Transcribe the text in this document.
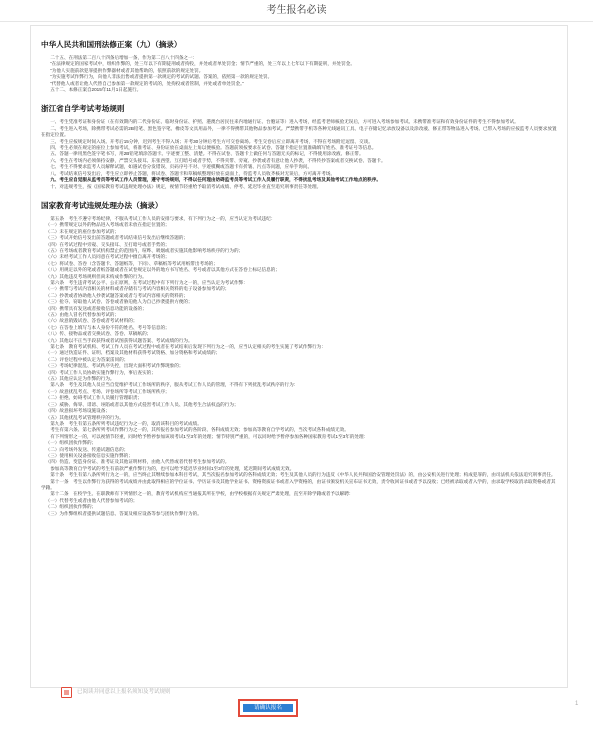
考生报名必读
中华人民共和国刑法修正案（九）（摘录）

二十五、在刑法第二百八十四条后增加一条，作为第二百八十四条之一：

“在法律规定的国家考试中，组织作弊的，处三年以下有期徒刑或者拘役，并处或者单处罚金；情节严重的，处三年以上七年以下有期徒刑，并处罚金。

“为他人实施前款犯罪提供作弊器材或者其他帮助的，依照前款的规定处罚。

“为实施考试作弊行为，向他人非法出售或者提供第一款规定的考试的试题、答案的，依照第一款的规定处罚。

“代替他人或者让他人代替自己参加第一款规定的考试的，处拘役或者管制，并处或者单处罚金。”

五十二、本修正案自2015年11月1日起施行。

浙江省自学考试考场规则

一、考生凭准考证和身份证（在有效期内的二代身份证、临时身份证、护照、港澳台居民往来内地通行证、台胞证等）进入考场，经监考老师核验无误后，方可进入考场参加考试。未携带准考证和有效身份证件的考生不得参加考试。

二、考生进入考场，除携带考试必需的2B铅笔、黑色签字笔、橡皮等文具用品外，一律不得携带其他物品参加考试。严禁携带手机等各种无线通讯工具、电子存储记忆录放设备以及涂改液、修正带等物品进入考场。已带入考场的应按监考人员要求放置在指定位置。

三、考生应按规定时间入场。开考后15分钟，迟到考生不得入场；开考30分钟后考生方可交卷离场。考生交卷后应立即离开考场，不得在考场附近逗留、交谈。

四、考生必须在规定的座位上参加考试，将准考证、身份证放在桌面左上角以便核验。答题前须按要求在试卷、答题卡指定位置准确填写姓名、准考证号等信息。

五、答题一律用黑色签字笔书写，用2B铅笔填涂答题卡。字迹要工整、清楚。不得在试卷、答题卡上做任何与答题无关的标记，不得使用涂改液、修正带。

六、考生在考场内必须保持安静，严禁交头接耳、东张西望、互打暗号或者手势，不得夹带、旁窥、抄袭或者有意让他人抄袭，不得传抄答案或者交换试卷、答题卡。

七、考生不得要求监考人员解释试题，如遇试卷分发错误、页码序号不对、字迹模糊或答题卡有折皱、污点等问题，应举手询问。

八、考试结束信号发出后，考生应立即停止答题，将试卷、答题卡和草稿纸整理好放在桌面上，待监考人员收齐核对无误后，方可离开考场。

九、考生应自觉服从监考员等考试工作人员管理，遵守考场规则，不得以任何理由妨碍监考员等考试工作人员履行职责，不得扰乱考场及其他考试工作地点的秩序。

十、对违规考生，按《国家教育考试违规处理办法》规定，视情节轻重给予取消考试成绩、停考、延迟毕业直至追究刑事责任等处理。

国家教育考试违规处理办法（摘录）

第五条　考生不遵守考场纪律，不服从考试工作人员的安排与要求，有下列行为之一的，应当认定为考试违纪：

（一）携带规定以外的物品进入考场或者未放在指定位置的；

（二）未在规定的座位参加考试的；

（三）考试开始信号发出前答题或者考试结束信号发出后继续答题的；

（四）在考试过程中旁窥、交头接耳、互打暗号或者手势的；

（五）在考场或者教育考试机构禁止的范围内，喧哗、吸烟或者实施其他影响考场秩序的行为的；

（六）未经考试工作人员同意在考试过程中擅自离开考场的；

（七）将试卷、答卷（含答题卡、答题纸等，下同）、草稿纸等考试用纸带出考场的；

（八）用规定以外的笔或者纸答题或者在试卷规定以外的地方书写姓名、考号或者以其他方式在答卷上标记信息的；

（九）其他违反考场规则但尚未构成作弊的行为。

第六条　考生违背考试公平、公正原则，在考试过程中有下列行为之一的，应当认定为考试作弊：

（一）携带与考试内容相关的材料或者存储有与考试内容相关资料的电子设备参加考试的；

（二）抄袭或者协助他人抄袭试题答案或者与考试内容相关的资料的；

（三）抢夺、窃取他人试卷、答卷或者胁迫他人为自己抄袭提供方便的；

（四）携带具有发送或者接收信息功能的设备的；

（五）由他人冒名代替参加考试的；

（六）故意销毁试卷、答卷或者考试材料的；

（七）在答卷上填写与本人身份不符的姓名、考号等信息的；

（八）传、接物品或者交换试卷、答卷、草稿纸的；

（九）其他以不正当手段获得或者试图获得试题答案、考试成绩的行为。

第七条　教育考试机构、考试工作人员在考试过程中或者在考试结束后发现下列行为之一的，应当认定相关的考生实施了考试作弊行为：

（一）通过伪造证件、证明、档案及其他材料获得考试资格、加分资格和考试成绩的；

（二）评卷过程中被认定为答案雷同的；

（三）考场纪律混乱、考试秩序失控，出现大面积考试作弊现象的；

（四）考试工作人员协助实施作弊行为，事后查实的；

（五）其他应认定为作弊的行为。

第八条　考生及其他人员应当自觉维护考试工作场所的秩序，服从考试工作人员的管理，不得有下列扰乱考试秩序的行为：

（一）故意扰乱考点、考场、评卷场所等考试工作场所秩序；

（二）拒绝、妨碍考试工作人员履行管理职责；

（三）威胁、侮辱、诽谤、诬陷或者以其他方式侵害考试工作人员、其他考生合法权益的行为；

（四）故意损坏考场设施设备；

（五）其他扰乱考试管理秩序的行为。

第九条　考生有第五条所列考试违纪行为之一的，取消该科目的考试成绩。

考生有第六条、第七条所列考试作弊行为之一的，其所报名参加考试的各阶段、各科成绩无效；参加高等教育自学考试的，当次考试各科成绩无效。

有下列情形之一的，可以视情节轻重，同时给予暂停参加该项考试1至3年的处理；情节特别严重的，可以同时给予暂停参加各种国家教育考试1至3年的处理：

（一）组织团伙作弊的；

（二）向考场外发送、传递试题信息的；

（三）使用相关设备接收信息实施作弊的；

（四）伪造、变造身份证、准考证及其他证明材料，由他人代替或者代替考生参加考试的。

参加高等教育自学考试的考生有前款严重作弊行为的，也可以给予延迟毕业时间1至3年的处理，延迟期间考试成绩无效。

第十条　考生有第八条所列行为之一的，应当终止其继续参加本科目考试，其当次报名参加考试的各科成绩无效；考生及其他人员的行为违反《中华人民共和国治安管理处罚法》的，由公安机关进行处理；构成犯罪的，由司法机关依法追究刑事责任。

第十一条　考生以作弊行为获得的考试成绩并由此取得相应的学位证书、学历证书及其他学业证书、资格资质证书或者入学资格的，由证书颁发机关宣布证书无效，责令收回证书或者予以没收；已经被录取或者入学的，由录取学校取消录取资格或者其学籍。

第十二条　在校学生、在职教师有下列情形之一的，教育考试机构应当通报其所在学校，由学校根据有关规定严肃处理，直至开除学籍或者予以解聘：

（一）代替考生或者由他人代替参加考试的；

（二）组织团伙作弊的；

（三）为作弊组织者提供试题信息、答案及相应设备等参与团伙作弊行为的。

已阅读并同意以上报名须知及考试规则
请确认报名
1
